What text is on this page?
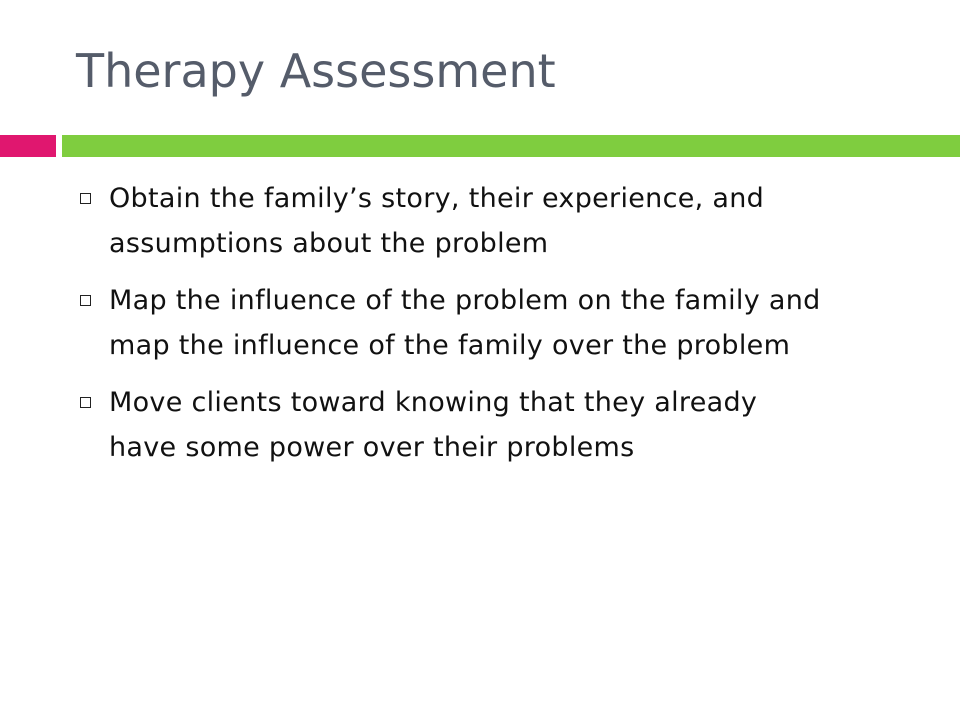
Therapy Assessment
Obtain the family’s story, their experience, and
assumptions about the problem
Map the influence of the problem on the family and
map the influence of the family over the problem
Move clients toward knowing that they already
have some power over their problems
